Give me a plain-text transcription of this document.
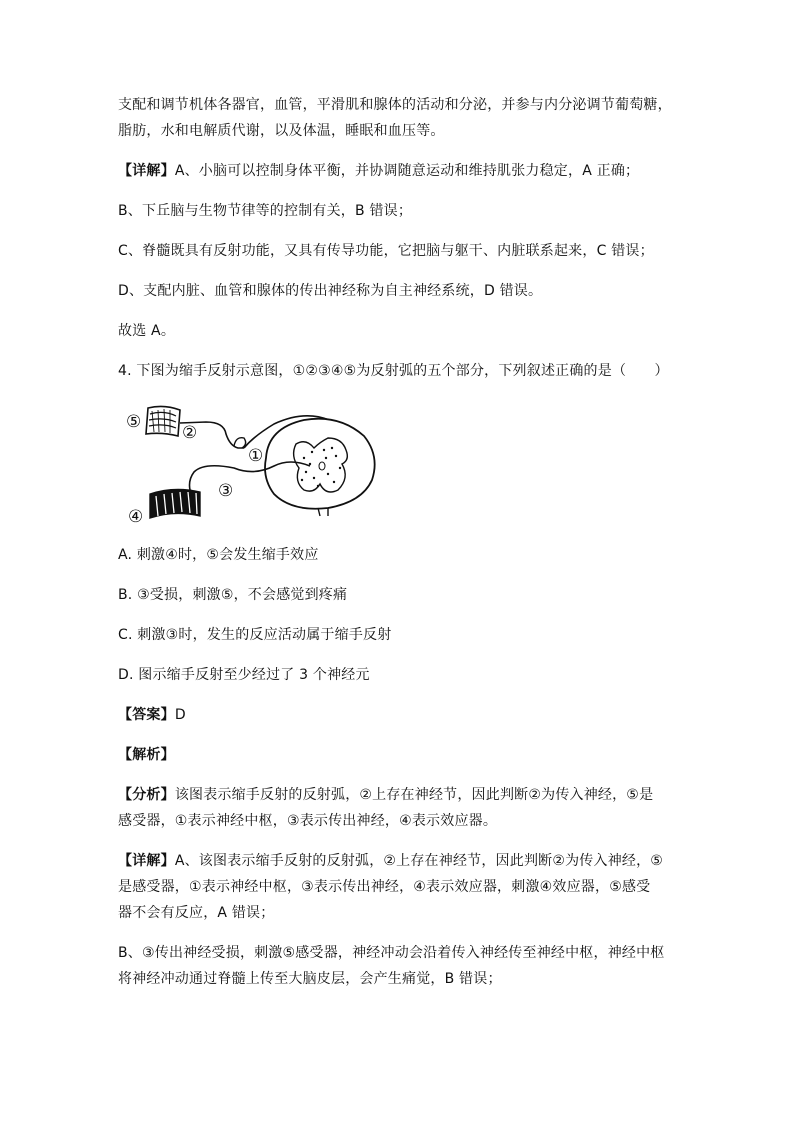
支配和调节机体各器官，血管，平滑肌和腺体的活动和分泌，并参与内分泌调节葡萄糖，
脂肪，水和电解质代谢，以及体温，睡眠和血压等。

【详解】A、小脑可以控制身体平衡，并协调随意运动和维持肌张力稳定，A 正确；

B、下丘脑与生物节律等的控制有关，B 错误；

C、脊髓既具有反射功能，又具有传导功能，它把脑与躯干、内脏联系起来，C 错误；

D、支配内脏、血管和腺体的传出神经称为自主神经系统，D 错误。

故选 A。

4. 下图为缩手反射示意图，①②③④⑤为反射弧的五个部分，下列叙述正确的是（　　）

⑤
②
①
③
④

A. 刺激④时，⑤会发生缩手效应

B. ③受损，刺激⑤，不会感觉到疼痛

C. 刺激③时，发生的反应活动属于缩手反射

D. 图示缩手反射至少经过了 3 个神经元

【答案】D

【解析】

【分析】该图表示缩手反射的反射弧，②上存在神经节，因此判断②为传入神经，⑤是
感受器，①表示神经中枢，③表示传出神经，④表示效应器。

【详解】A、该图表示缩手反射的反射弧，②上存在神经节，因此判断②为传入神经，⑤
是感受器，①表示神经中枢，③表示传出神经，④表示效应器，刺激④效应器，⑤感受
器不会有反应，A 错误；

B、③传出神经受损，刺激⑤感受器，神经冲动会沿着传入神经传至神经中枢，神经中枢
将神经冲动通过脊髓上传至大脑皮层，会产生痛觉，B 错误；
